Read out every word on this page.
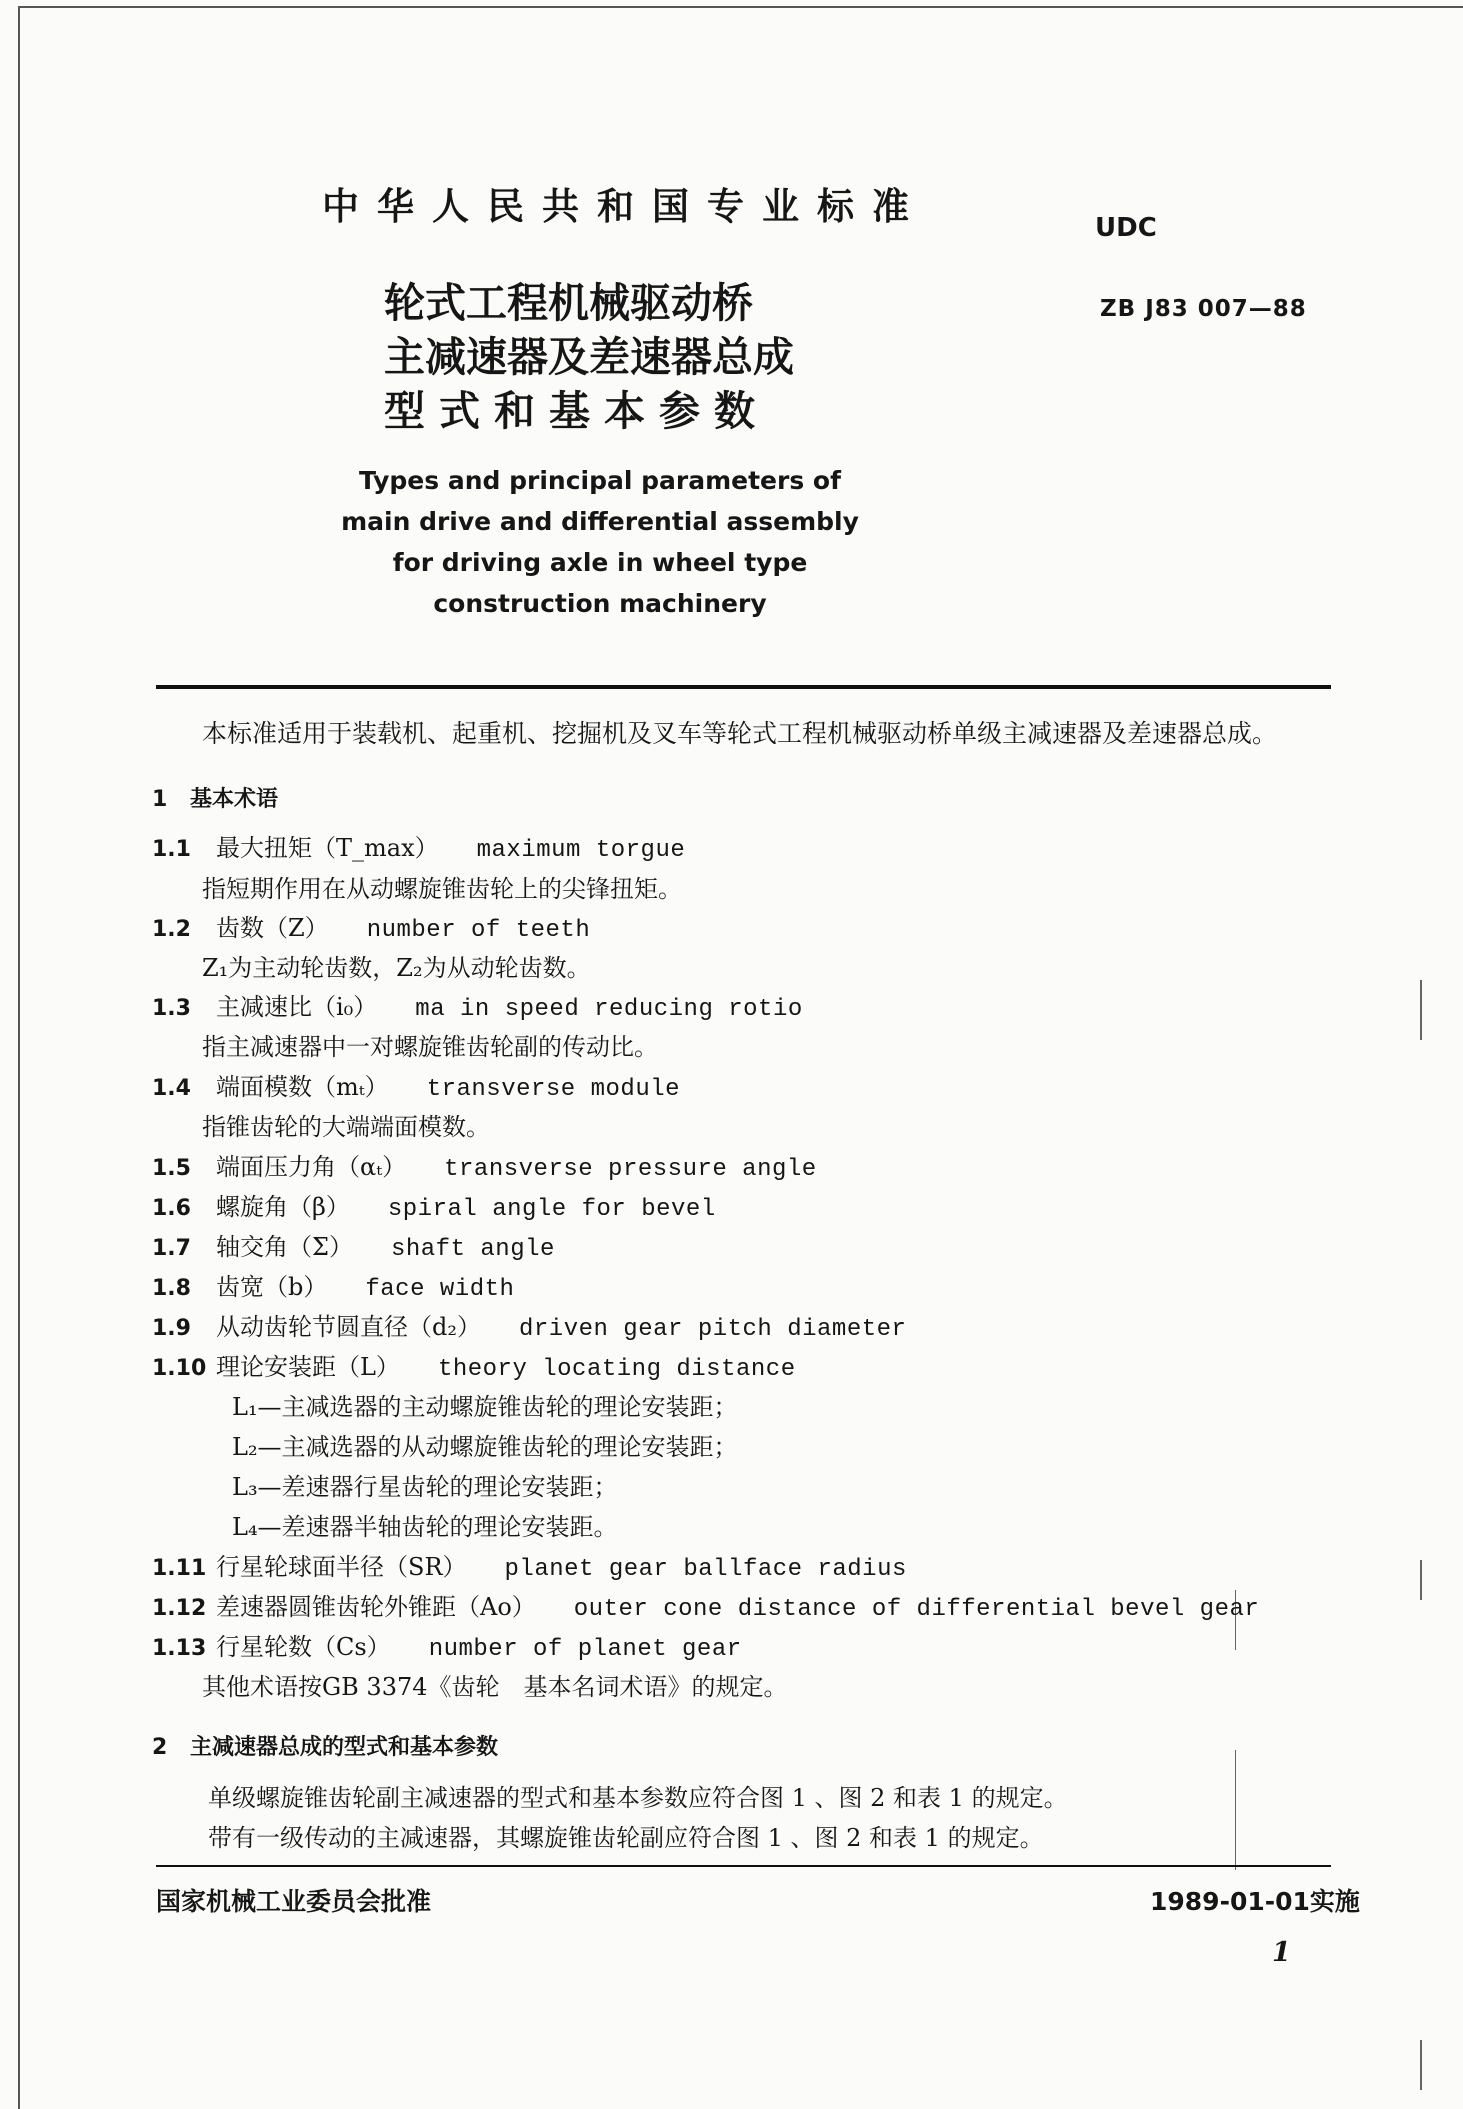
中华人民共和国专业标准	UDC
ZB J83 007—88
轮式工程机械驱动桥
主减速器及差速器总成
型式和基本参数
Types and principal parameters of
main drive and differential assembly
for driving axle in wheel type
construction machinery
本标准适用于装载机、起重机、挖掘机及叉车等轮式工程机械驱动桥单级主减速器及差速器总成。
1 基本术语
1.1 最大扭矩（T_max） maximum torgue
指短期作用在从动螺旋锥齿轮上的尖锋扭矩。
1.2 齿数（Z） number of teeth
Z₁为主动轮齿数，Z₂为从动轮齿数。
1.3 主减速比（i₀） ma in speed reducing rotio
指主减速器中一对螺旋锥齿轮副的传动比。
1.4 端面模数（mₜ） transverse module
指锥齿轮的大端端面模数。
1.5 端面压力角（αₜ） transverse pressure angle
1.6 螺旋角（β） spiral angle for bevel
1.7 轴交角（Σ） shaft angle
1.8 齿宽（b） face width
1.9 从动齿轮节圆直径（d₂） driven gear pitch diameter
1.10 理论安装距（L） theory locating distance
L₁—主减选器的主动螺旋锥齿轮的理论安装距；
L₂—主减选器的从动螺旋锥齿轮的理论安装距；
L₃—差速器行星齿轮的理论安装距；
L₄—差速器半轴齿轮的理论安装距。
1.11 行星轮球面半径（SR） planet gear ballface radius
1.12 差速器圆锥齿轮外锥距（Ao） outer cone distance of differential bevel gear
1.13 行星轮数（Cs） number of planet gear
其他术语按GB 3374《齿轮　基本名词术语》的规定。
2 主减速器总成的型式和基本参数
单级螺旋锥齿轮副主减速器的型式和基本参数应符合图 1 、图 2 和表 1 的规定。
带有一级传动的主减速器，其螺旋锥齿轮副应符合图 1 、图 2 和表 1 的规定。
国家机械工业委员会批准	1989-01-01实施
1
